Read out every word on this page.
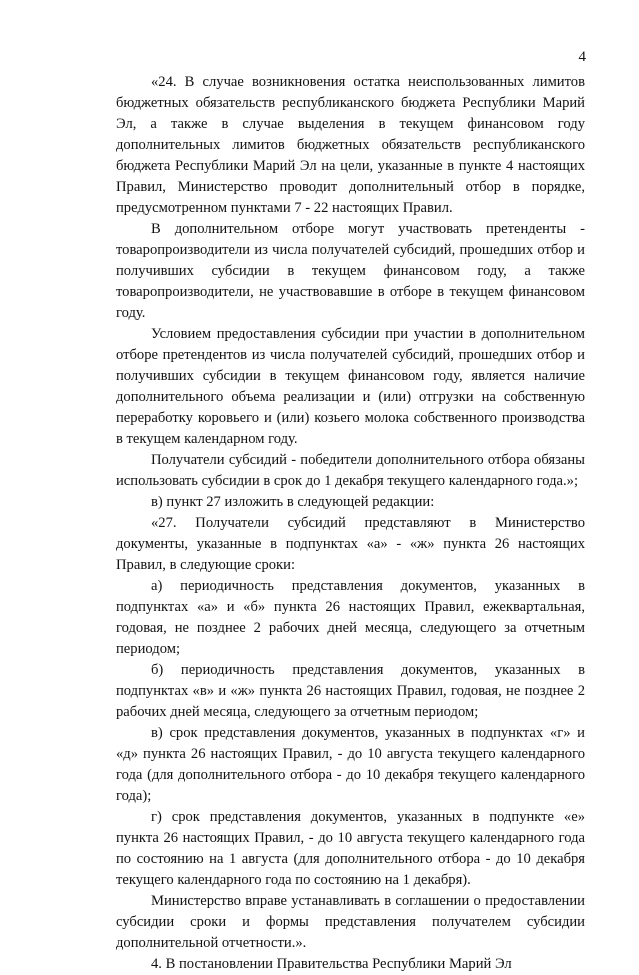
4

«24. В случае возникновения остатка неиспользованных лимитов бюджетных обязательств республиканского бюджета Республики Марий Эл, а также в случае выделения в текущем финансовом году дополнительных лимитов бюджетных обязательств республиканского бюджета Республики Марий Эл на цели, указанные в пункте 4 настоящих Правил, Министерство проводит дополнительный отбор в порядке, предусмотренном пунктами 7 - 22 настоящих Правил.

В дополнительном отборе могут участвовать претенденты - товаропроизводители из числа получателей субсидий, прошедших отбор и получивших субсидии в текущем финансовом году, а также товаропроизводители, не участвовавшие в отборе в текущем финансовом году.

Условием предоставления субсидии при участии в дополнительном отборе претендентов из числа получателей субсидий, прошедших отбор и получивших субсидии в текущем финансовом году, является наличие дополнительного объема реализации и (или) отгрузки на собственную переработку коровьего и (или) козьего молока собственного производства в текущем календарном году.

Получатели субсидий - победители дополнительного отбора обязаны использовать субсидии в срок до 1 декабря текущего календарного года.»;

в) пункт 27 изложить в следующей редакции:

«27. Получатели субсидий представляют в Министерство документы, указанные в подпунктах «а» - «ж» пункта 26 настоящих Правил, в следующие сроки:

а) периодичность представления документов, указанных в подпунктах «а» и «б» пункта 26 настоящих Правил, ежеквартальная, годовая, не позднее 2 рабочих дней месяца, следующего за отчетным периодом;

б) периодичность представления документов, указанных в подпунктах «в» и «ж» пункта 26 настоящих Правил, годовая, не позднее 2 рабочих дней месяца, следующего за отчетным периодом;

в) срок представления документов, указанных в подпунктах «г» и «д» пункта 26 настоящих Правил, - до 10 августа текущего календарного года (для дополнительного отбора - до 10 декабря текущего календарного года);

г) срок представления документов, указанных в подпункте «е» пункта 26 настоящих Правил, - до 10 августа текущего календарного года по состоянию на 1 августа (для дополнительного отбора - до 10 декабря текущего календарного года по состоянию на 1 декабря).

Министерство вправе устанавливать в соглашении о предоставлении субсидии сроки и формы представления получателем субсидии дополнительной отчетности.».

4. В постановлении Правительства Республики Марий Эл
